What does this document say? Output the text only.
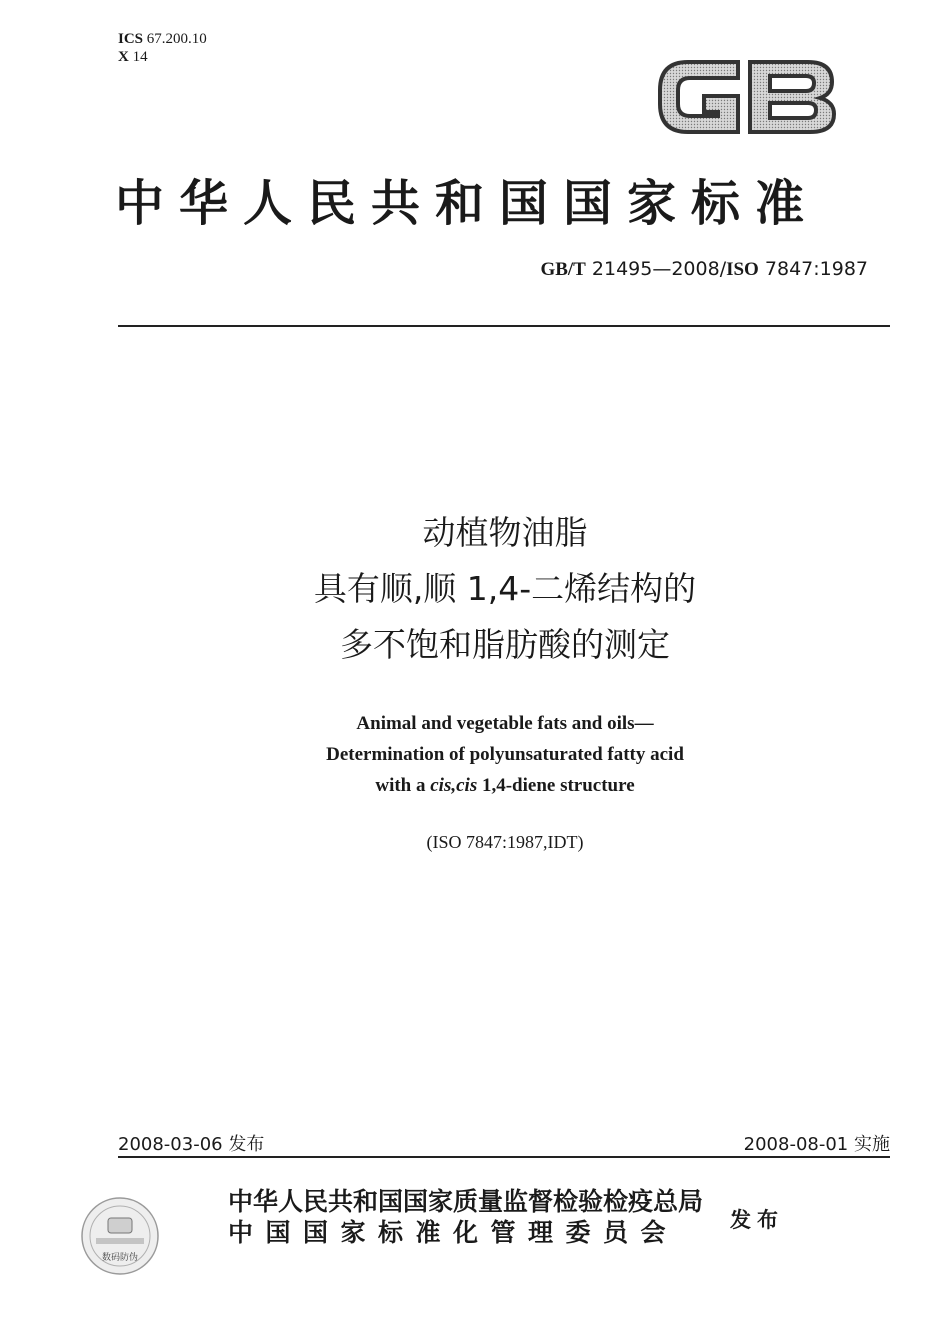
ICS 67.200.10
X 14
中华人民共和国国家标准
GB/T 21495—2008/ISO 7847:1987
动植物油脂
具有顺,顺 1,4-二烯结构的
多不饱和脂肪酸的测定
Animal and vegetable fats and oils—
Determination of polyunsaturated fatty acid
with a cis,cis 1,4-diene structure
(ISO 7847:1987,IDT)
2008-03-06 发布	2008-08-01 实施
数码防伪
中华人民共和国国家质量监督检验检疫总局
中国国家标准化管理委员会	发布
